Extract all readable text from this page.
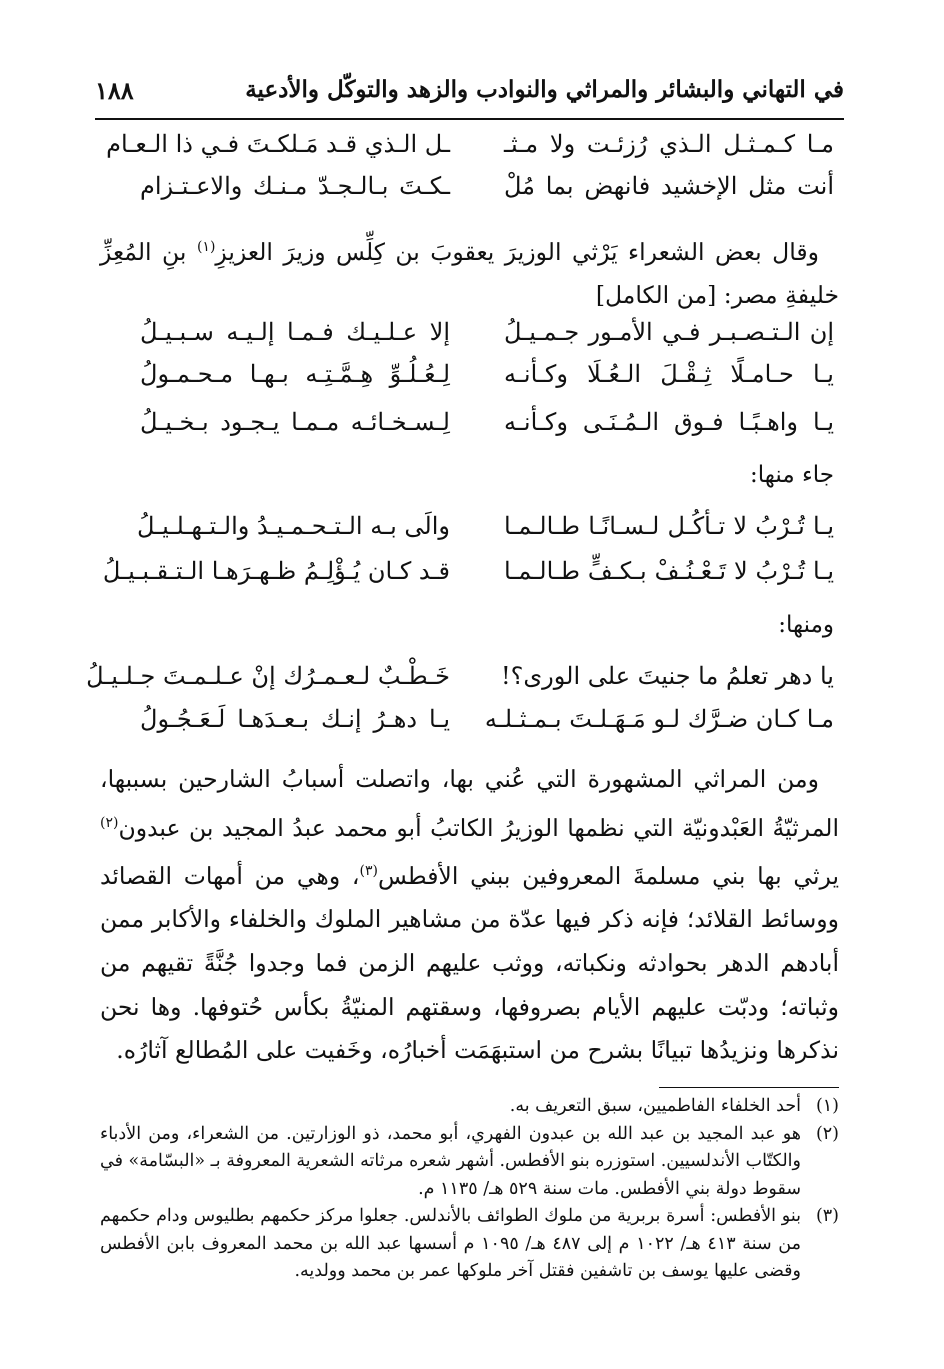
في التهاني والبشائر والمراثي والنوادب والزهد والتوكّل والأدعية
١٨٨
مـا كـمـثـل الـذي رُزئـت ولا مـثـ
ـل الـذي قـد مَـلكـتَ فـي ذا الـعـام
أنت مثل الإخشيد فانهض بما مُلْ
ـكـتَ بـالـجـدّ مـنـك والاعـتـزام

وقال بعض الشعراء يَرْثي الوزيرَ يعقوبَ بن كِلِّس وزيرَ العزيزِ$^{(١)}$ بنِ المُعِزِّ خليفةِ مصر: [من الكامل]

إن الـتـصـبـر فـي الأمـور جـمـيـلُ
إلا عـلـيـك فـمـا إلـيـه سـبـيـلُ
يـا حـامـلًا ثِـقْـلَ الـعُـلَا وكـأنـه
لِـعُـلُـوِّ هِـمَّـتِـه بـهـا مـحـمـولُ
يـا واهـبًـا فـوق الـمُـنَـى وكـأنـه
لِـسـخـائـه مـمـا يـجـود بـخـيـلُ
جاء منها:
يـا تُـرْبُ لا تـأكُـل لـسـانًـا طـالـمـا
والَى بـه الـتـحـمـيـدُ والـتـهـلـيـلُ
يـا تُـرْبُ لا تَـعْـنُـفْ بـكـفٍّ طـالـمـا
قـد كـان يُـؤْلِـمُ ظـهـرَهـا الـتـقـبـيـلُ
ومنها:
يا دهر تعلمُ ما جنيتَ على الورى؟!
خَـطْـبٌ لـعـمـرُك إنْ عـلـمـتَ جـلـيـلُ
مـا كـان ضـرَّك لـو مَـهَـلـتَ بـمـثـلـه
يـا دهـرُ إنـك بـعـدَهـا لَـعَـجُـولُ

ومن المراثي المشهورة التي عُني بها، واتصلت أسبابُ الشارحين بسببها، المرثيّةُ العَبْدونيّة التي نظمها الوزيرُ الكاتبُ أبو محمد عبدُ المجيد بن عبدون$^{(٢)}$ يرثي بها بني مسلمةَ المعروفين ببني الأفطس$^{(٣)}$، وهي من أمهات القصائد ووسائط القلائد؛ فإنه ذكر فيها عدّة من مشاهير الملوك والخلفاء والأكابر ممن أبادهم الدهر بحوادثه ونكباته، ووثب عليهم الزمن فما وجدوا جُنَّةً تقيهم من وثباته؛ ودبّت عليهم الأيام بصروفها، وسقتهم المنيّةُ بكأس حُتوفها. وها نحن نذكرها ونزيدُها تبيانًا بشرح من استبهَمَت أخبارُه، وخَفيت على المُطالع آثارُه.

(١)
أحد الخلفاء الفاطميين، سبق التعريف به.
(٢)
هو عبد المجيد بن عبد الله بن عبدون الفهري، أبو محمد، ذو الوزارتين. من الشعراء، ومن الأدباء والكتّاب الأندلسيين. استوزره بنو الأفطس. أشهر شعره مرثاته الشعرية المعروفة بـ «البسّامة» في سقوط دولة بني الأفطس. مات سنة ٥٢٩ هـ/ ١١٣٥ م.
(٣)
بنو الأفطس: أسرة بربرية من ملوك الطوائف بالأندلس. جعلوا مركز حكمهم بطليوس ودام حكمهم من سنة ٤١٣ هـ/ ١٠٢٢ م إلى ٤٨٧ هـ/ ١٠٩٥ م أسسها عبد الله بن محمد المعروف بابن الأفطس وقضى عليها يوسف بن تاشفين فقتل آخر ملوكها عمر بن محمد وولديه.
